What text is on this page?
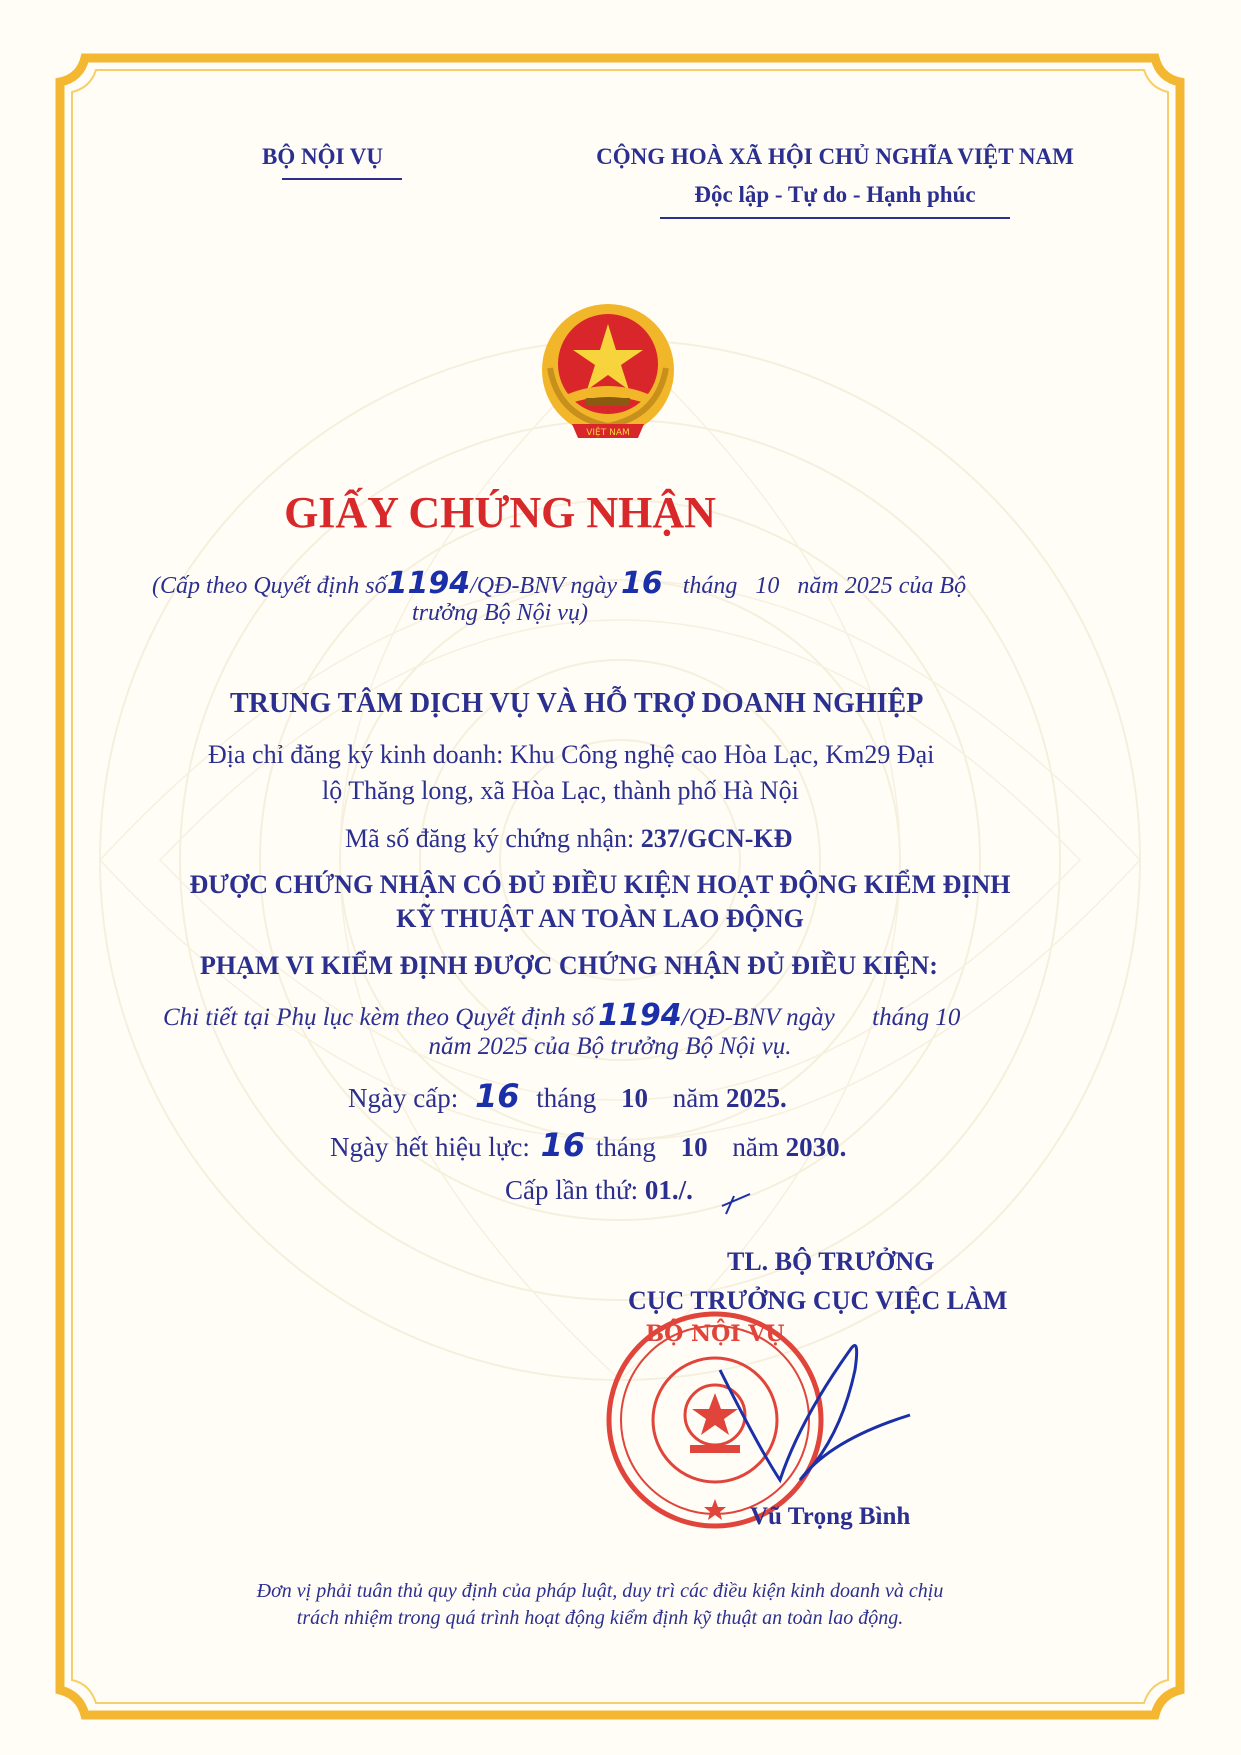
BỘ NỘI VỤ	CỘNG HOÀ XÃ HỘI CHỦ NGHĨA VIỆT NAM
Độc lập - Tự do - Hạnh phúc
VIỆT NAM
GIẤY CHỨNG NHẬN
(Cấp theo Quyết định số1194/QĐ-BNV ngày 16 tháng   10   năm 2025 của Bộ
trưởng Bộ Nội vụ)
TRUNG TÂM DỊCH VỤ VÀ HỖ TRỢ DOANH NGHIỆP
Địa chỉ đăng ký kinh doanh: Khu Công nghệ cao Hòa Lạc, Km29 Đại
lộ Thăng long, xã Hòa Lạc, thành phố Hà Nội
Mã số đăng ký chứng nhận: 237/GCN-KĐ
ĐƯỢC CHỨNG NHẬN CÓ ĐỦ ĐIỀU KIỆN HOẠT ĐỘNG KIỂM ĐỊNH
KỸ THUẬT AN TOÀN LAO ĐỘNG
PHẠM VI KIỂM ĐỊNH ĐƯỢC CHỨNG NHẬN ĐỦ ĐIỀU KIỆN:
Chi tiết tại Phụ lục kèm theo Quyết định số 1194/QĐ-BNV ngày      tháng 10
năm 2025 của Bộ trưởng Bộ Nội vụ.
Ngày cấp: 16 tháng 10 năm 2025.
Ngày hết hiệu lực: 16 tháng 10 năm 2030.
Cấp lần thứ: 01./.
TL. BỘ TRƯỞNG
CỤC TRƯỞNG CỤC VIỆC LÀM
BỘ NỘI VỤ
Vũ Trọng Bình
Đơn vị phải tuân thủ quy định của pháp luật, duy trì các điều kiện kinh doanh và chịu
trách nhiệm trong quá trình hoạt động kiểm định kỹ thuật an toàn lao động.
